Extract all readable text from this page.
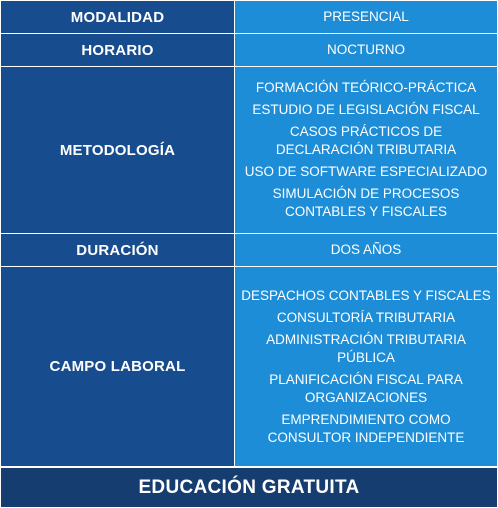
MODALIDAD	PRESENCIAL
HORARIO	NOCTURNO
METODOLOGÍA	FORMACIÓN TEÓRICO-PRÁCTICA
ESTUDIO DE LEGISLACIÓN FISCAL
CASOS PRÁCTICOS DE DECLARACIÓN TRIBUTARIA
USO DE SOFTWARE ESPECIALIZADO
SIMULACIÓN DE PROCESOS CONTABLES Y FISCALES

DURACIÓN	DOS AÑOS
CAMPO LABORAL	DESPACHOS CONTABLES Y FISCALES
CONSULTORÍA TRIBUTARIA
ADMINISTRACIÓN TRIBUTARIA PÚBLICA
PLANIFICACIÓN FISCAL PARA ORGANIZACIONES
EMPRENDIMIENTO COMO CONSULTOR INDEPENDIENTE
EDUCACIÓN GRATUITA
